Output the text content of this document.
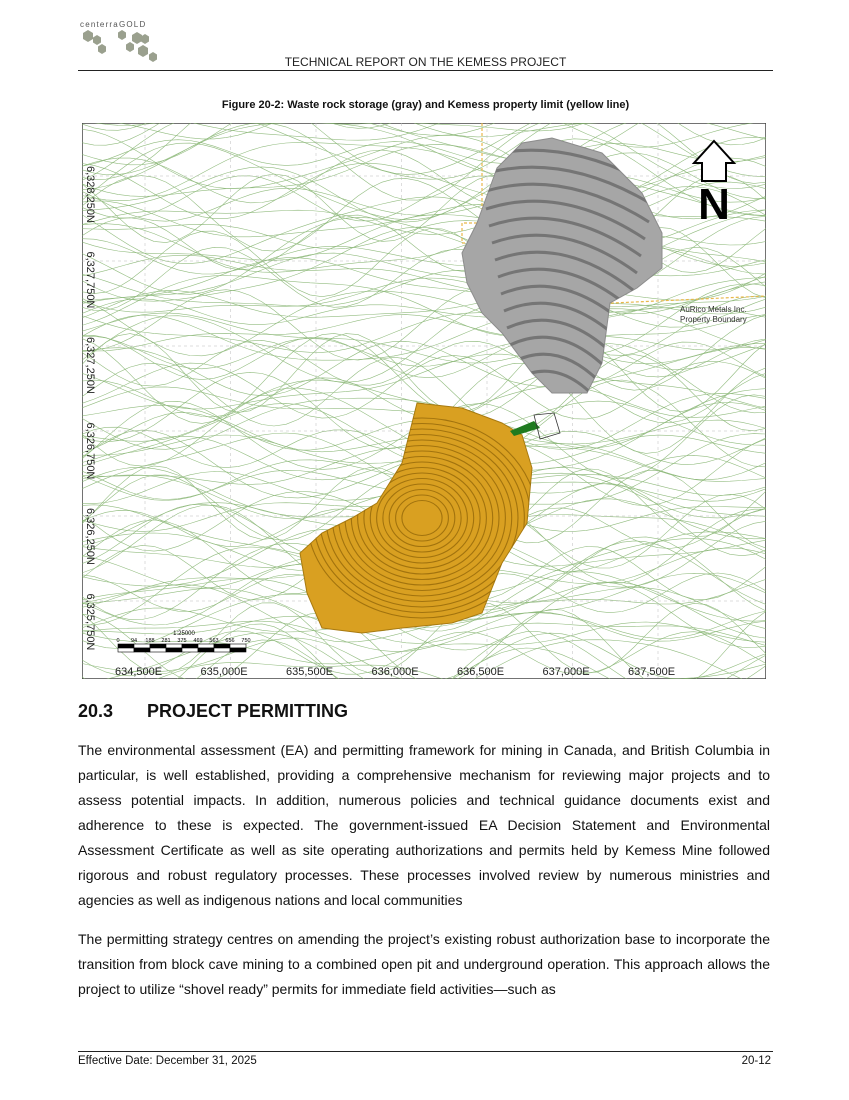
centerraGOLD
TECHNICAL REPORT ON THE KEMESS PROJECT
Figure 20-2: Waste rock storage (gray) and Kemess property limit (yellow line)
N
AuRico Metals Inc.
Property Boundary
6,328,250N
6,327,750N
6,327,250N
6,326,750N
6,326,250N
6,325,750N
634,500E	635,000E	635,500E	636,000E	636,500E	637,000E	637,500E
1:25000
0 94 188 281 375 469 563 656 750
20.3 PROJECT PERMITTING

The environmental assessment (EA) and permitting framework for mining in Canada, and British Columbia in particular, is well established, providing a comprehensive mechanism for reviewing major projects and to assess potential impacts. In addition, numerous policies and technical guidance documents exist and adherence to these is expected. The government-issued EA Decision Statement and Environmental Assessment Certificate as well as site operating authorizations and permits held by Kemess Mine followed rigorous and robust regulatory processes. These processes involved review by numerous ministries and agencies as well as indigenous nations and local communities

The permitting strategy centres on amending the project’s existing robust authorization base to incorporate the transition from block cave mining to a combined open pit and underground operation. This approach allows the project to utilize “shovel ready” permits for immediate field activities—such as

Effective Date: December 31, 2025	20-12
